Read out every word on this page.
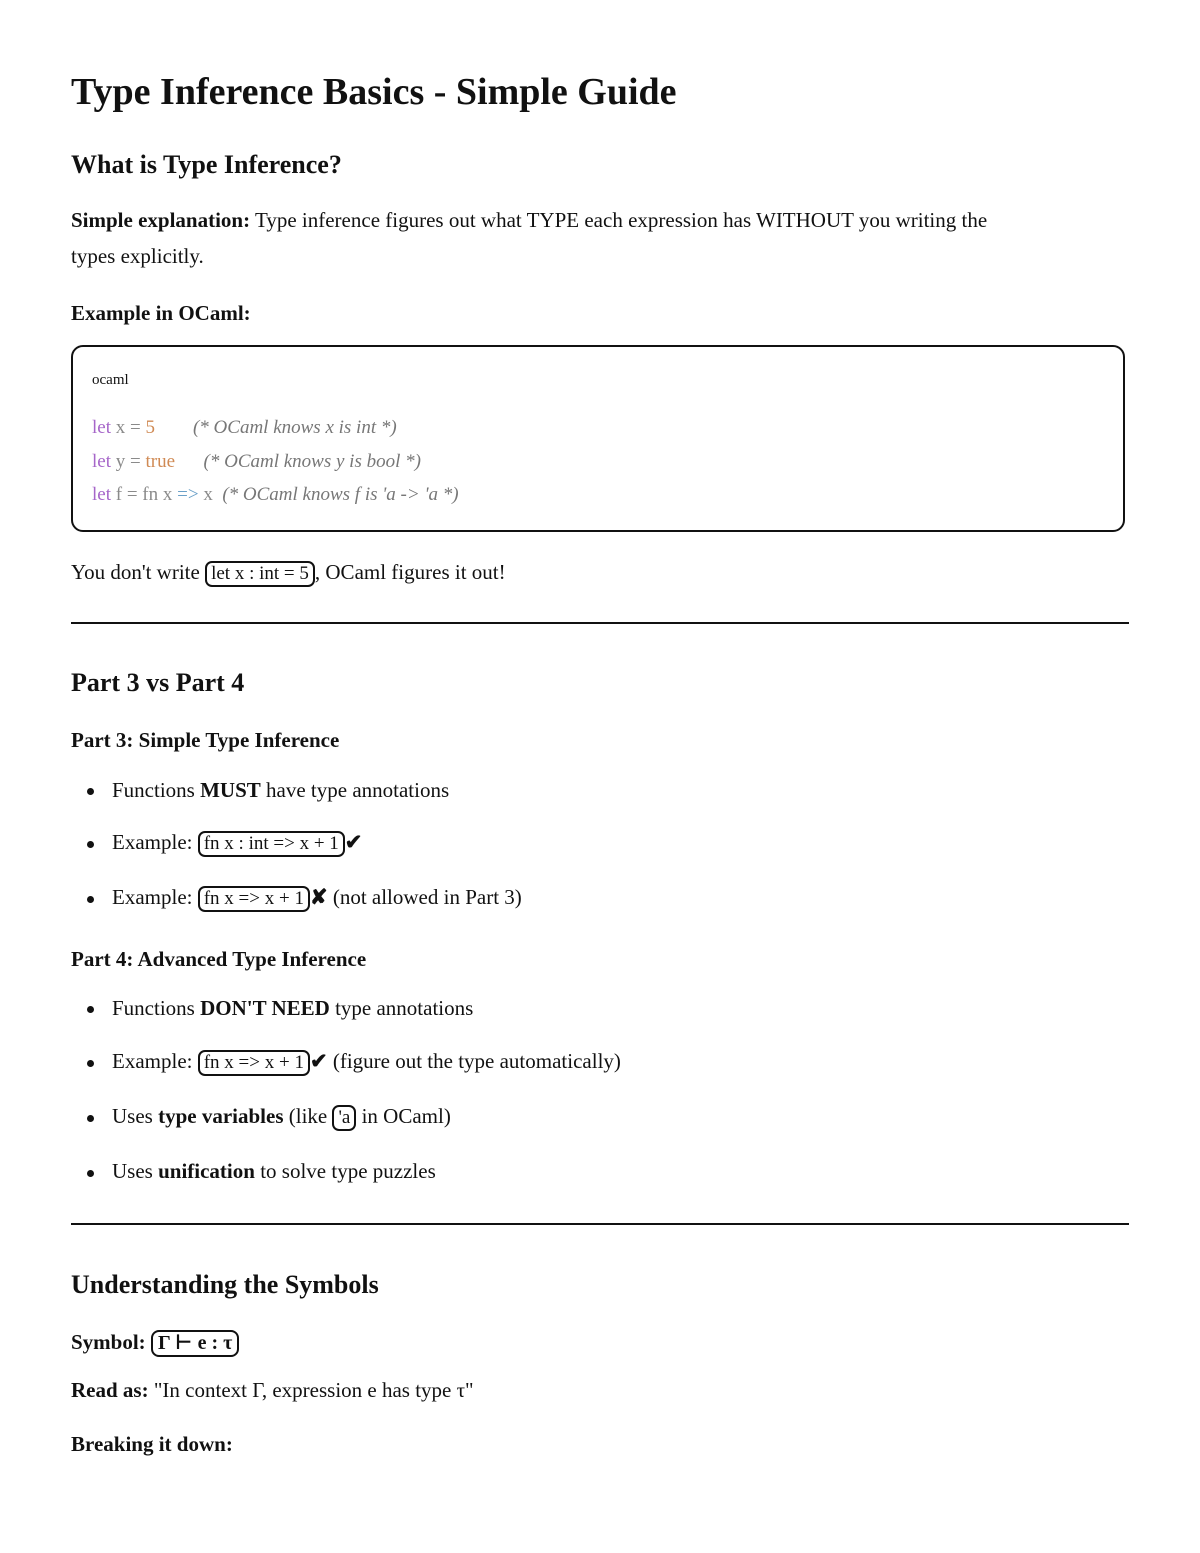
Type Inference Basics - Simple Guide
What is Type Inference?
Simple explanation: Type inference figures out what TYPE each expression has WITHOUT you writing the
types explicitly.
Example in OCaml:
ocaml
let x = 5 (* OCaml knows x is int *)
let y = true (* OCaml knows y is bool *)
let f = fn x => x (* OCaml knows f is 'a -> 'a *)
You don't write let x : int = 5 , OCaml figures it out!
Part 3 vs Part 4
Part 3: Simple Type Inference
Functions MUST have type annotations
Example: fn x : int => x + 1 ✔
Example: fn x => x + 1 ✘ (not allowed in Part 3)
Part 4: Advanced Type Inference
Functions DON'T NEED type annotations
Example: fn x => x + 1 ✔ (figure out the type automatically)
Uses type variables (like 'a in OCaml)
Uses unification to solve type puzzles
Understanding the Symbols
Symbol: Γ ⊢ e : τ
Read as: "In context Γ, expression e has type τ"
Breaking it down:
